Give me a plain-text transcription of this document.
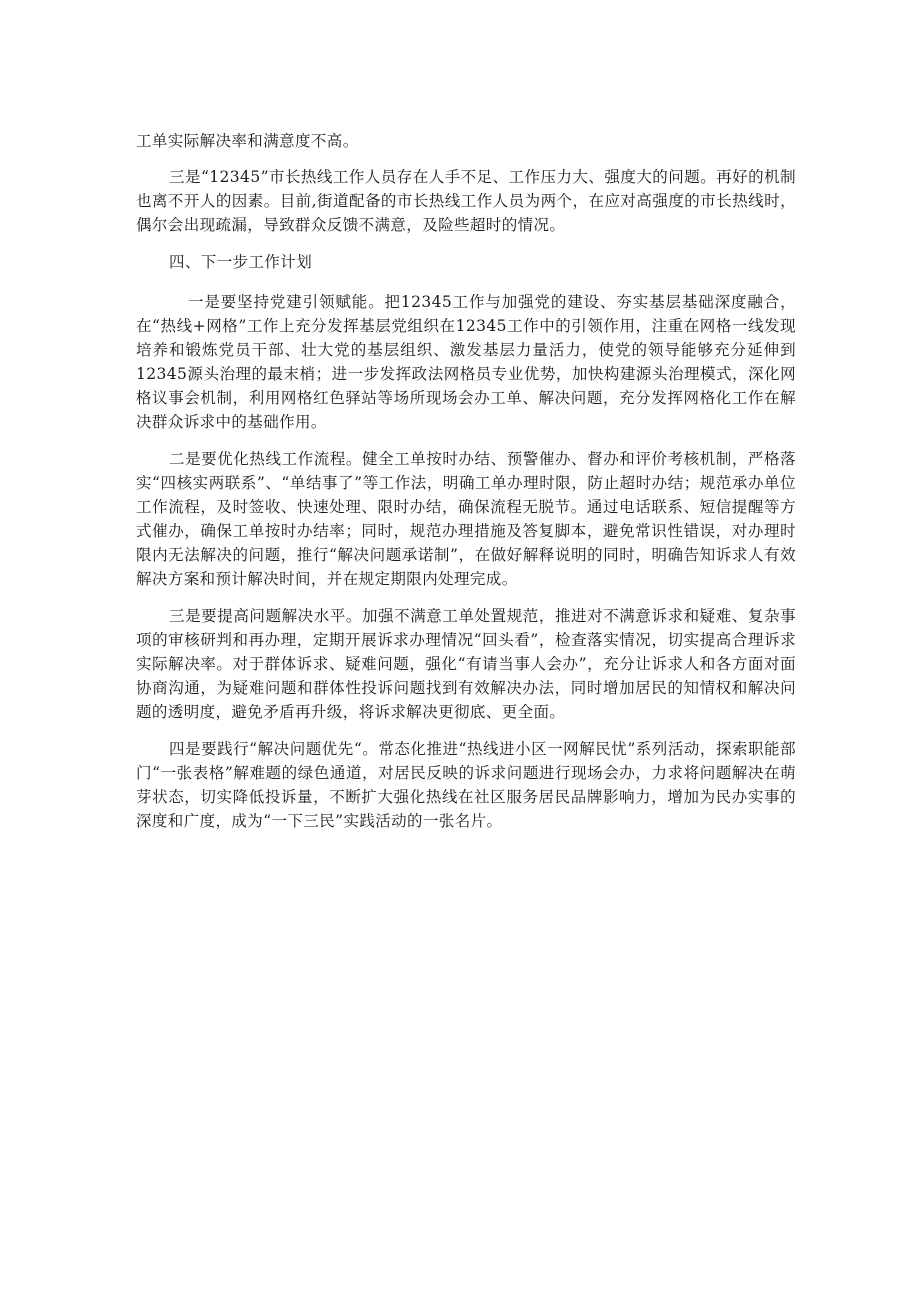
工单实际解决率和满意度不高。

三是“12345”市长热线工作人员存在人手不足、工作压力大、强度大的问题。再好的机制也离不开人的因素。目前,街道配备的市长热线工作人员为两个，在应对高强度的市长热线时，偶尔会出现疏漏，导致群众反馈不满意，及险些超时的情况。

四、下一步工作计划

一是要坚持党建引领赋能。把12345工作与加强党的建设、夯实基层基础深度融合，在“热线+网格”工作上充分发挥基层党组织在12345工作中的引领作用，注重在网格一线发现培养和锻炼党员干部、壮大党的基层组织、激发基层力量活力，使党的领导能够充分延伸到12345源头治理的最末梢；进一步发挥政法网格员专业优势，加快构建源头治理模式，深化网格议事会机制，利用网格红色驿站等场所现场会办工单、解决问题，充分发挥网格化工作在解决群众诉求中的基础作用。

二是要优化热线工作流程。健全工单按时办结、预警催办、督办和评价考核机制，严格落实“四核实两联系”、“单结事了”等工作法，明确工单办理时限，防止超时办结；规范承办单位工作流程，及时签收、快速处理、限时办结，确保流程无脱节。通过电话联系、短信提醒等方式催办，确保工单按时办结率；同时，规范办理措施及答复脚本，避免常识性错误，对办理时限内无法解决的问题，推行“解决问题承诺制”，在做好解释说明的同时，明确告知诉求人有效解决方案和预计解决时间，并在规定期限内处理完成。

三是要提高问题解决水平。加强不满意工单处置规范，推进对不满意诉求和疑难、复杂事项的审核研判和再办理，定期开展诉求办理情况“回头看”，检查落实情况，切实提高合理诉求实际解决率。对于群体诉求、疑难问题，强化“有请当事人会办”，充分让诉求人和各方面对面协商沟通，为疑难问题和群体性投诉问题找到有效解决办法，同时增加居民的知情权和解决问题的透明度，避免矛盾再升级，将诉求解决更彻底、更全面。

四是要践行“解决问题优先“。常态化推进“热线进小区一网解民忧”系列活动，探索职能部门“一张表格”解难题的绿色通道，对居民反映的诉求问题进行现场会办，力求将问题解决在萌芽状态，切实降低投诉量，不断扩大强化热线在社区服务居民品牌影响力，增加为民办实事的深度和广度，成为“一下三民”实践活动的一张名片。
